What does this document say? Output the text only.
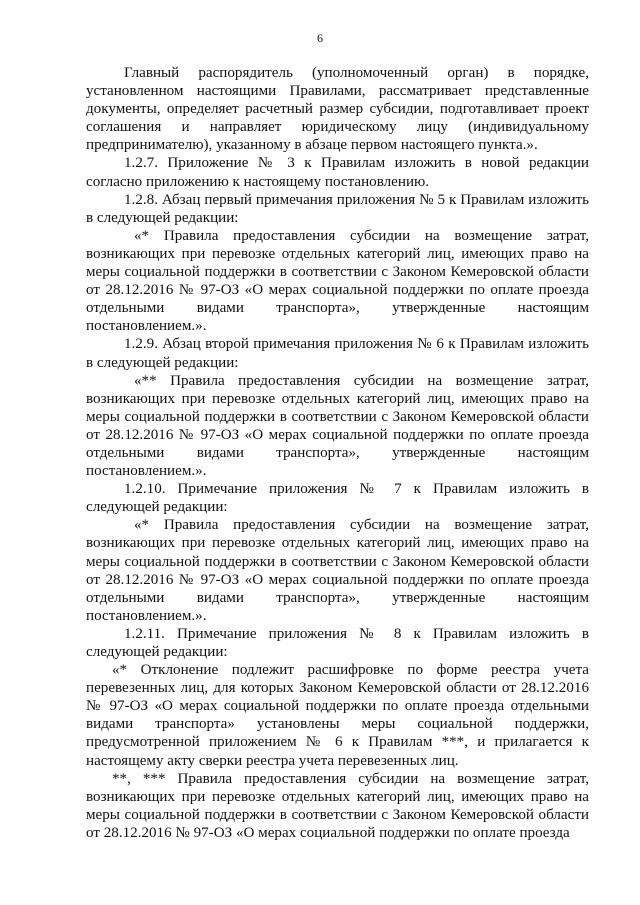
6

Главный распорядитель (уполномоченный орган) в порядке, установленном настоящими Правилами, рассматривает представленные документы, определяет расчетный размер субсидии, подготавливает проект соглашения и направляет юридическому лицу (индивидуальному предпринимателю), указанному в абзаце первом настоящего пункта.».

1.2.7. Приложение № 3 к Правилам изложить в новой редакции согласно приложению к настоящему постановлению.

1.2.8. Абзац первый примечания приложения № 5 к Правилам изложить в следующей редакции:

«* Правила предоставления субсидии на возмещение затрат, возникающих при перевозке отдельных категорий лиц, имеющих право на меры социальной поддержки в соответствии с Законом Кемеровской области от 28.12.2016 № 97-ОЗ «О мерах социальной поддержки по оплате проезда отдельными видами транспорта», утвержденные настоящим постановлением.».

1.2.9. Абзац второй примечания приложения № 6 к Правилам изложить в следующей редакции:

«** Правила предоставления субсидии на возмещение затрат, возникающих при перевозке отдельных категорий лиц, имеющих право на меры социальной поддержки в соответствии с Законом Кемеровской области от 28.12.2016 № 97-ОЗ «О мерах социальной поддержки по оплате проезда отдельными видами транспорта», утвержденные настоящим постановлением.».

1.2.10. Примечание приложения № 7 к Правилам изложить в следующей редакции:

«* Правила предоставления субсидии на возмещение затрат, возникающих при перевозке отдельных категорий лиц, имеющих право на меры социальной поддержки в соответствии с Законом Кемеровской области от 28.12.2016 № 97-ОЗ «О мерах социальной поддержки по оплате проезда отдельными видами транспорта», утвержденные настоящим постановлением.».

1.2.11. Примечание приложения № 8 к Правилам изложить в следующей редакции:

«* Отклонение подлежит расшифровке по форме реестра учета перевезенных лиц, для которых Законом Кемеровской области от 28.12.2016 № 97-ОЗ «О мерах социальной поддержки по оплате проезда отдельными видами транспорта» установлены меры социальной поддержки, предусмотренной приложением № 6 к Правилам ***, и прилагается к настоящему акту сверки реестра учета перевезенных лиц.

**, *** Правила предоставления субсидии на возмещение затрат, возникающих при перевозке отдельных категорий лиц, имеющих право на меры социальной поддержки в соответствии с Законом Кемеровской области от 28.12.2016 № 97-ОЗ «О мерах социальной поддержки по оплате проезда
